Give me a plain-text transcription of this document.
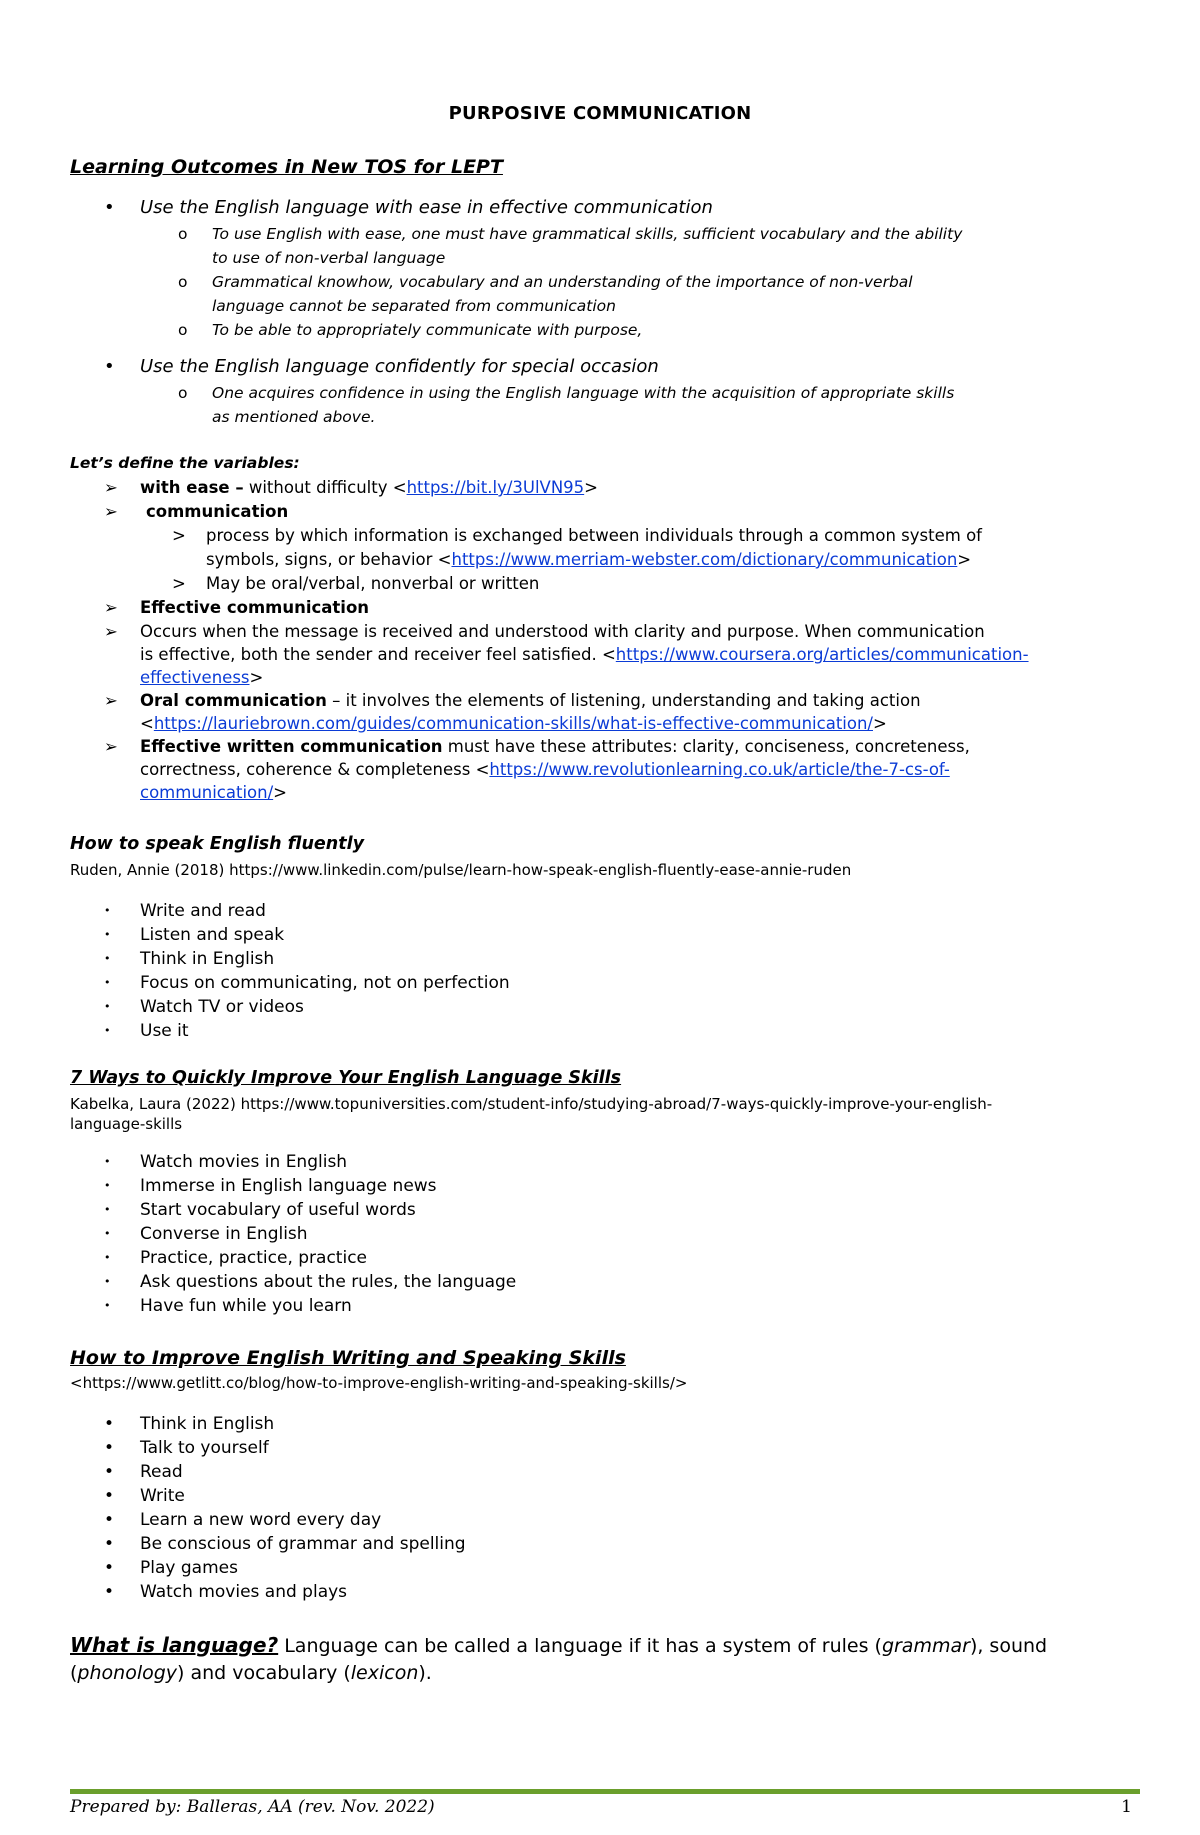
PURPOSIVE COMMUNICATION
Learning Outcomes in New TOS for LEPT
•	Use the English language with ease in effective communication
o	To use English with ease, one must have grammatical skills, sufficient vocabulary and the ability
to use of non-verbal language
o	Grammatical knowhow, vocabulary and an understanding of the importance of non-verbal
language cannot be separated from communication
o	To be able to appropriately communicate with purpose,
•	Use the English language confidently for special occasion
o	One acquires confidence in using the English language with the acquisition of appropriate skills
as mentioned above.
Let’s define the variables:
➢	with ease – without difficulty <https://bit.ly/3UlVN95>
➢	communication
>	process by which information is exchanged between individuals through a common system of
symbols, signs, or behavior <https://www.merriam-webster.com/dictionary/communication>
>	May be oral/verbal, nonverbal or written
➢	Effective communication
➢	Occurs when the message is received and understood with clarity and purpose. When communication
is effective, both the sender and receiver feel satisfied. <https://www.coursera.org/articles/communication-
effectiveness>
➢	Oral communication – it involves the elements of listening, understanding and taking action
<https://lauriebrown.com/guides/communication-skills/what-is-effective-communication/>
➢	Effective written communication must have these attributes: clarity, conciseness, concreteness,
correctness, coherence & completeness <https://www.revolutionlearning.co.uk/article/the-7-cs-of-
communication/>
How to speak English fluently
Ruden, Annie (2018) https://www.linkedin.com/pulse/learn-how-speak-english-fluently-ease-annie-ruden
•	Write and read
•	Listen and speak
•	Think in English
•	Focus on communicating, not on perfection
•	Watch TV or videos
•	Use it
7 Ways to Quickly Improve Your English Language Skills
Kabelka, Laura (2022) https://www.topuniversities.com/student-info/studying-abroad/7-ways-quickly-improve-your-english-
language-skills
•	Watch movies in English
•	Immerse in English language news
•	Start vocabulary of useful words
•	Converse in English
•	Practice, practice, practice
•	Ask questions about the rules, the language
•	Have fun while you learn
How to Improve English Writing and Speaking Skills
<https://www.getlitt.co/blog/how-to-improve-english-writing-and-speaking-skills/>
•	Think in English
•	Talk to yourself
•	Read
•	Write
•	Learn a new word every day
•	Be conscious of grammar and spelling
•	Play games
•	Watch movies and plays
What is language? Language can be called a language if it has a system of rules (grammar), sound
(phonology) and vocabulary (lexicon).
Prepared by: Balleras, AA (rev. Nov. 2022)	1
